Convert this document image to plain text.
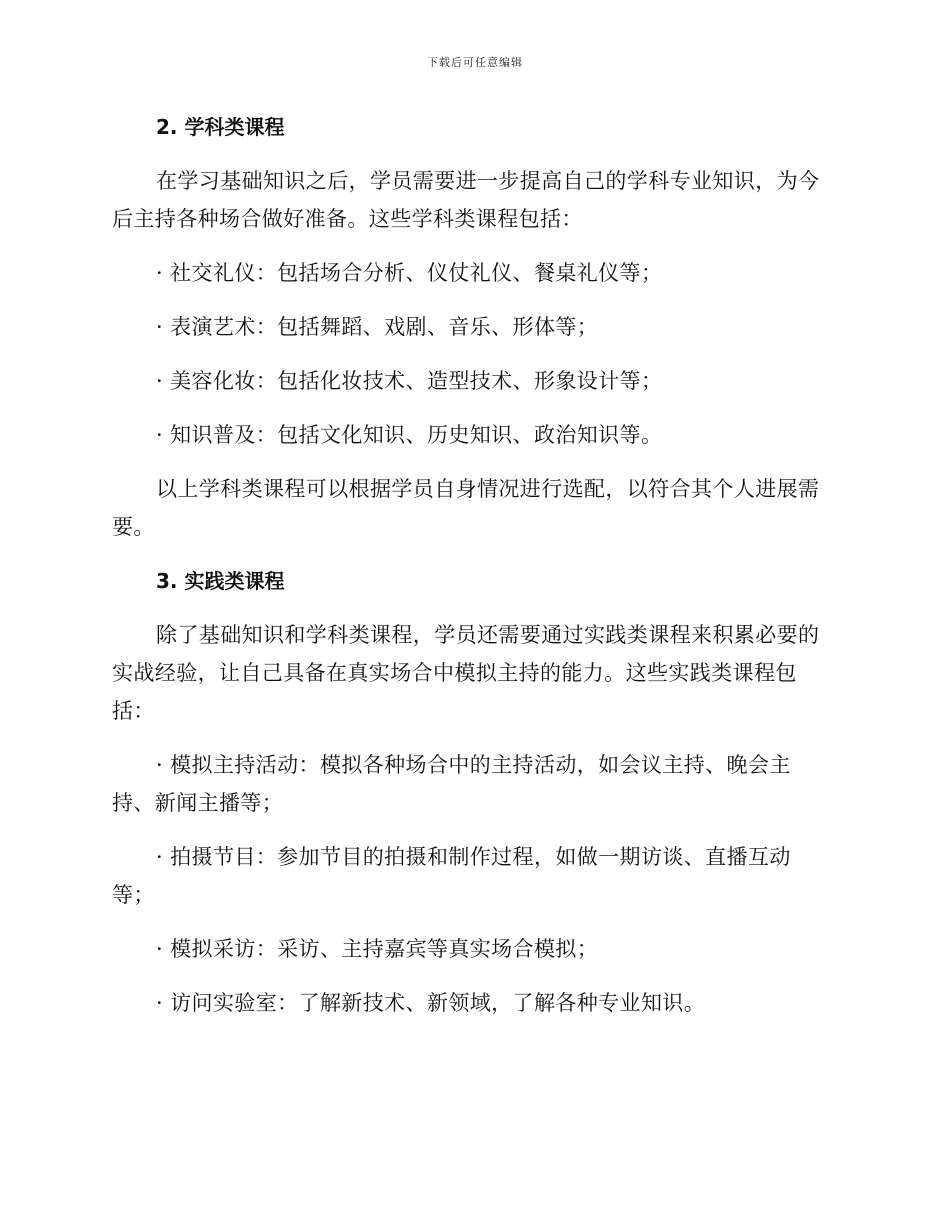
下载后可任意编辑
2. 学科类课程

在学习基础知识之后，学员需要进一步提高自己的学科专业知识，为今后主持各种场合做好准备。这些学科类课程包括：

· 社交礼仪：包括场合分析、仪仗礼仪、餐桌礼仪等；

· 表演艺术：包括舞蹈、戏剧、音乐、形体等；

· 美容化妆：包括化妆技术、造型技术、形象设计等；

· 知识普及：包括文化知识、历史知识、政治知识等。

以上学科类课程可以根据学员自身情况进行选配，以符合其个人进展需要。

3. 实践类课程

除了基础知识和学科类课程，学员还需要通过实践类课程来积累必要的实战经验，让自己具备在真实场合中模拟主持的能力。这些实践类课程包括：

· 模拟主持活动：模拟各种场合中的主持活动，如会议主持、晚会主持、新闻主播等；

· 拍摄节目：参加节目的拍摄和制作过程，如做一期访谈、直播互动等；

· 模拟采访：采访、主持嘉宾等真实场合模拟；

· 访问实验室：了解新技术、新领域，了解各种专业知识。
